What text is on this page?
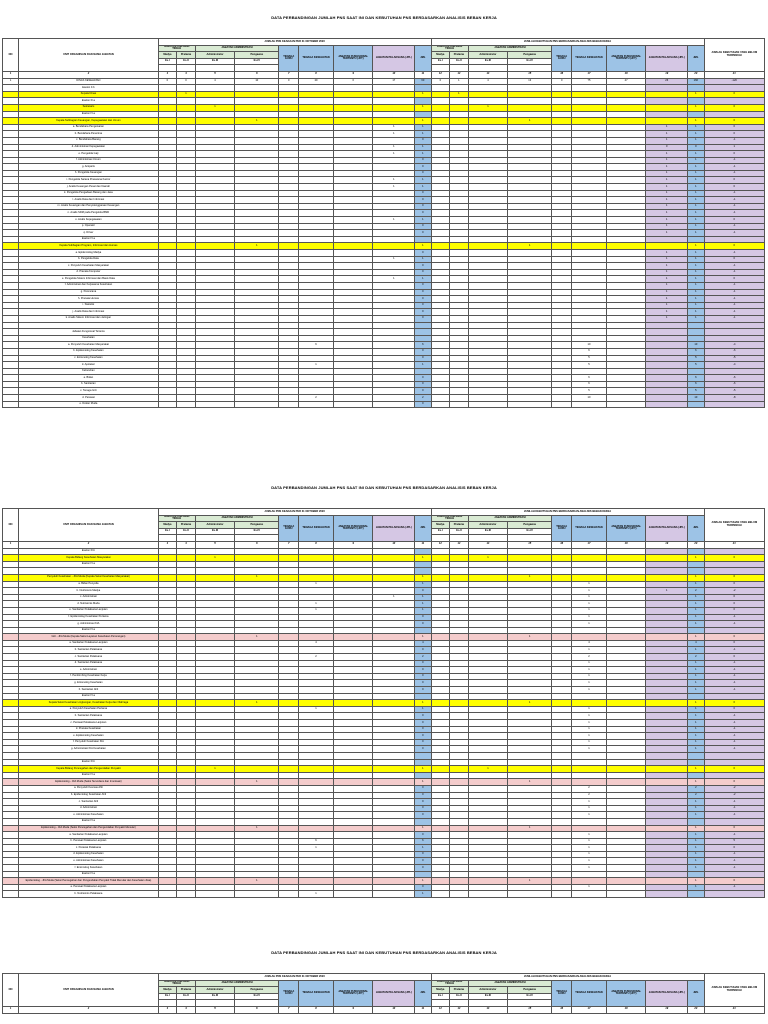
DATA PERBANDINGAN JUMLAH PNS SAAT INI DAN KEBUTUHAN PNS BERDASARKAN ANALISIS BEBAN KERJA
NO	UNIT ORGANISASI DAN NAMA JABATAN	JUMLAH PNS KEADAAN PER 31 OKTOBER 2023									JUMLAH KEBUTUHAN PNS BERDASARKAN ANALISIS BEBAN KERJA									JUMLAH KEBUTUHAN YANG BELUM TERPENUHI
		JABATAN PIMPINAN TINGGI		JABATAN ADMINISTRASI		TENAGA GURU	TENAGA KESEHATAN	JABATAN FUNGSIONAL TERTENTU (JFT)	JABATAN PELAKSANA (JPL)	JML	JABATAN PIMPINAN TINGGI		JABATAN ADMINISTRASI		TENAGA GURU	TENAGA KESEHATAN	JABATAN FUNGSIONAL TERTENTU (JFT)	JABATAN PELAKSANA (JPL)	JML	
		Madya	Pratama	Administrator	Pengawas						Madya	Pratama	Administrator	Pengawas						
		Es.I	Es.II	Es.III	Es.IV						Es.I	Es.II	Es.III	Es.IV						

1	2	3	4	5	6	7	8	9	10	11	12	13	14	15	16	17	18	19	20	21
1	DINAS KESEHATAN	0	0	4	10	0	29	0	17	60	0	1	4	13	0	75	47	26	166	-120
	Eselon II.b																			
	Kepala Dinas		1							1		1							1	0
	Eselon III.a																			
	Sekretaris			1						1			1						1	0
	Eselon IV.a																			
	Kepala Subbagian Keuangan, Kepegawaian dan Umum				1					1				1					1	0
	a. Bendahara Pengeluaran								1	1								1	1	0
	b. Bendahara Penerima								1	1								1	1	0
	c. Bendahara Barang									0								1	1	-1
	d. Administrasi Kepegawaian								1	1								0	0	1
	e. Pengelola Gaji								1	1								1	1	0
	f. Administrasi Umum									0								1	1	-1
	g. Arsiparis									0								1	1	-1
	h. Pengelola Keuangan									0								1	1	-1
	i. Pengelola Sarana Prasarana Kantor								1	1								1	1	0
	j. Analis Keuangan Pusat dan Daerah								1	1								1	1	0
	k. Pengelola Pengadaan Barang dan Jasa									0								1	1	-1
	l. Analis Data dan Informasi									0								1	1	-1
	m. Analis Keuangan dan Penyelenggaraan Keuangan									0								1	1	-1
	n. Analis SDM pada Pengelola BMD									0								1	1	-1
	o. Analis Kepegawaian								1	1								1	1	0
	p. Operator									0								1	1	-1
	q. Driver									0								1	1	-1
	Eselon IV.a																			
	Kepala Subbagian Program, Informasi dan Humas				1					1				1					1	0
	a. Epidemiolog Madya									0								1	1	-1
	b. Pengelola Data								1	1								1	1	0
	c. Penyuluh Kesehatan Masyarakat									0								1	1	-1
	d. Pranata Komputer									0								1	1	-1
	e. Pengelola Sistem Informasi dan Basis Data								1	1								1	1	0
	f. Administrasi dan Kerjasama Kesehatan									0								1	1	-1
	g. Perencana									0								1	1	-1
	h. Pranata Humas									0								1	1	-1
	i. Statistisi									0								1	1	-1
	j. Analis Data dan Informasi									0								1	1	-1
	k. Analis Sistem Informasi dan Jaringan									0								1	1	-1

	Jabatan Fungsional Tertentu																			
	Kesehatan																			
	a. Penyuluh Kesehatan Masyarakat						6			6						10			10	-4
	b. Epidemiolog Kesehatan									0						6			6	-6
	c. Entomolog Kesehatan									0						5			5	-5
	d. Apoteker						1			1						5			5	-4
	Kebutuhan																			
	a. Bidan									0						6			6	-6
	b. Sanitarian									0						6			6	-6
	c. Tenaga Gizi									0						5			5	-5
	d. Perawat						2			2						10			10	-8
	e. Dokter Muda									0										
DATA PERBANDINGAN JUMLAH PNS SAAT INI DAN KEBUTUHAN PNS BERDASARKAN ANALISIS BEBAN KERJA
NO	UNIT ORGANISASI DAN NAMA JABATAN	JUMLAH PNS KEADAAN PER 31 OKTOBER 2023									JUMLAH KEBUTUHAN PNS BERDASARKAN ANALISIS BEBAN KERJA									JUMLAH KEBUTUHAN YANG BELUM TERPENUHI
		JABATAN PIMPINAN TINGGI		JABATAN ADMINISTRASI		TENAGA GURU	TENAGA KESEHATAN	JABATAN FUNGSIONAL TERTENTU (JFT)	JABATAN PELAKSANA (JPL)	JML	JABATAN PIMPINAN TINGGI		JABATAN ADMINISTRASI		TENAGA GURU	TENAGA KESEHATAN	JABATAN FUNGSIONAL TERTENTU (JFT)	JABATAN PELAKSANA (JPL)	JML	
		Madya	Pratama	Administrator	Pengawas						Madya	Pratama	Administrator	Pengawas						
		Es.I	Es.II	Es.III	Es.IV						Es.I	Es.II	Es.III	Es.IV						

1	2	3	4	5	6	7	8	9	10	11	12	13	14	15	16	17	18	19	20	21
	Eselon III.b																			
	Kepala Bidang Kesehatan Masyarakat			1						1			1						1	0
	Eselon IV.a																			

	Penyuluh Kesehatan - JFA Muda (Kepala Seksi Kesehatan Masyarakat)				1					1				1					1	0
	a. Bidan Penyelia						1			1						1			1	0
	b. Nutrisionis Madya									0						1		1	2	-2
	c. Administrasi								1	1						1			1	0
	d. Nutrisionis Muda						1			1						1			1	0
	e. Sanitarian Pelaksana Lanjutan						1			1						1			1	0
	f. Epidemiolog Kesehatan Pertama									0						1			1	-1
	g. Administrasi KIA									0						1			1	-1
	Eselon IV.a																			
	Gizi - JFA Muda (Kepala Seksi Layanan Kesehatan Perorangan)				1					1				1					1	0
	a. Sanitarian Pelaksana Lanjutan						4			4						4			4	0
	b. Sanitarian Pelaksana									0						1			1	-1
	c. Sanitarian Pelaksana						2			2						2			2	0
	d. Sanitarian Pelaksana									0						1			1	-1
	e. Administrasi									0						1			1	-1
	f. Pembimbing Kesehatan Kerja									0						1			1	-1
	g. Entomolog Kesehatan									0						1			1	-1
	h. Sanitarian Ahli									0						1			1	-1
	Eselon IV.a																			
	Kepala Seksi Kesehatan Lingkungan, Kesehatan Kerja dan Olahraga				1					1				1					1	0
	a. Penyuluh Kesehatan Pertama						1			1						1			1	0
	b. Sanitarian Pelaksana									0						1			1	-1
	c. Perawat Pelaksana Lanjutan									0						1			1	-1
	d. Pranata Kesehatan									0						1			1	-1
	e. Epidemiolog Kesehatan									0						1			1	-1
	f. Penyuluh Kesehatan KIA									0						1			1	-1
	g. Administrasi KIA Kesehatan									0						1			1	-1

	Eselon III.b																			
	Kepala Bidang Pencegahan dan Pengendalian Penyakit			1						1			1						1	0
	Eselon IV.a																			
	Epidemiolog - JFA Muda (Seksi Surveilans dan Imunisasi)				1					1				1					1	0
	a. Penyuluh Kesmas Ahli									0						2			2	-2
	b. Epidemiolog Kesehatan Ahli									0						2			2	-2
	c. Sanitarian Ahli									0						1			1	-1
	d. Administrasi									0						1			1	-1
	e. Administrasi Kesehatan									0						1			1	-1
	Eselon IV.a																			
	Epidemiolog - JFA Muda (Seksi Pencegahan dan Pengendalian Penyakit Menular)				1					1				1					1	0
	a. Sanitarian Pelaksana Lanjutan									0						1			1	-1
	b. Perawat Pelaksana Lanjutan						6			6						1			1	5
	c. Perawat Pelaksana						1			1						1			1	0
	d. Epidemiolog Kesehatan									0						1			1	-1
	e. Administrasi Kesehatan									0						1			1	-1
	f. Entomolog Kesehatan									0						1			1	-1
	Eselon IV.a																			
	Epidemiolog - JFA Muda (Seksi Pencegahan dan Pengendalian Penyakit Tidak Menular dan Kesehatan Jiwa)				1					1				1					1	0
	a. Perawat Pelaksana Lanjutan									0						1			1	-1
	b. Nutrisionis Pelaksana						1			1										
DATA PERBANDINGAN JUMLAH PNS SAAT INI DAN KEBUTUHAN PNS BERDASARKAN ANALISIS BEBAN KERJA
NO	UNIT ORGANISASI DAN NAMA JABATAN	JUMLAH PNS KEADAAN PER 31 OKTOBER 2023									JUMLAH KEBUTUHAN PNS BERDASARKAN ANALISIS BEBAN KERJA									JUMLAH KEBUTUHAN YANG BELUM TERPENUHI
		JABATAN PIMPINAN TINGGI		JABATAN ADMINISTRASI		TENAGA GURU	TENAGA KESEHATAN	JABATAN FUNGSIONAL TERTENTU (JFT)	JABATAN PELAKSANA (JPL)	JML	JABATAN PIMPINAN TINGGI		JABATAN ADMINISTRASI		TENAGA GURU	TENAGA KESEHATAN	JABATAN FUNGSIONAL TERTENTU (JFT)	JABATAN PELAKSANA (JPL)	JML	
		Madya	Pratama	Administrator	Pengawas						Madya	Pratama	Administrator	Pengawas						
		Es.I	Es.II	Es.III	Es.IV						Es.I	Es.II	Es.III	Es.IV						

1	2	3	4	5	6	7	8	9	10	11	12	13	14	15	16	17	18	19	20	21
